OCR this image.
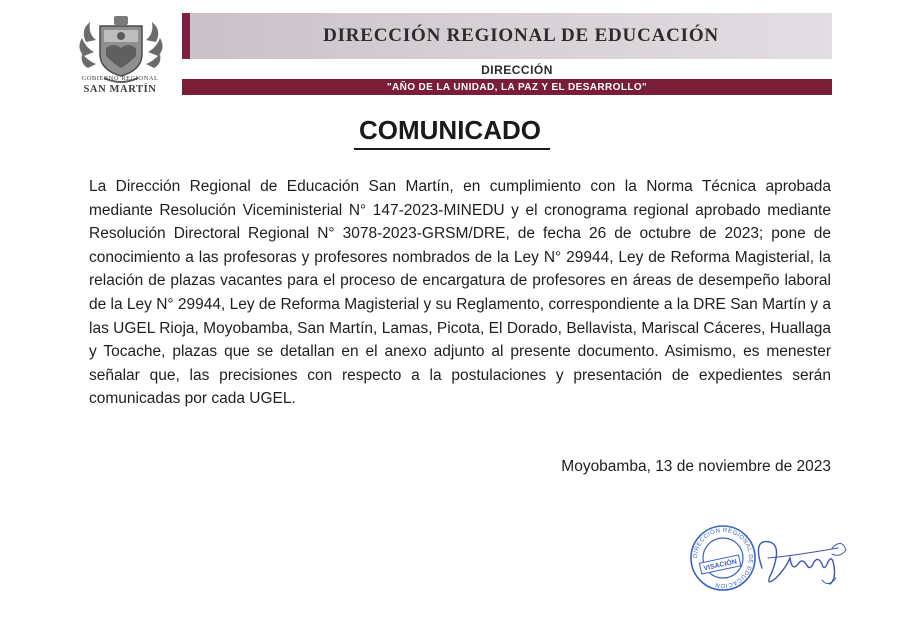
GOBIERNO REGIONAL
SAN MARTÍN
DIRECCIÓN REGIONAL DE EDUCACIÓN
DIRECCIÓN
"AÑO DE LA UNIDAD, LA PAZ Y EL DESARROLLO"
COMUNICADO
La Dirección Regional de Educación San Martín, en cumplimiento con la Norma Técnica aprobada mediante Resolución Viceministerial N° 147-2023-MINEDU y el cronograma regional aprobado mediante Resolución Directoral Regional N° 3078-2023-GRSM/DRE, de fecha 26 de octubre de 2023; pone de conocimiento a las profesoras y profesores nombrados de la Ley N° 29944, Ley de Reforma Magisterial, la relación de plazas vacantes para el proceso de encargatura de profesores en áreas de desempeño laboral de la Ley N° 29944, Ley de Reforma Magisterial y su Reglamento, correspondiente a la DRE San Martín y a las UGEL Rioja, Moyobamba, San Martín, Lamas, Picota, El Dorado, Bellavista, Mariscal Cáceres, Huallaga y Tocache, plazas que se detallan en el anexo adjunto al presente documento. Asimismo, es menester señalar que, las precisiones con respecto a la postulaciones y presentación de expedientes serán comunicadas por cada UGEL.
Moyobamba, 13 de noviembre de 2023
DIRECCIÓN REGIONAL DE EDUCACIÓN
VISACIÓN
